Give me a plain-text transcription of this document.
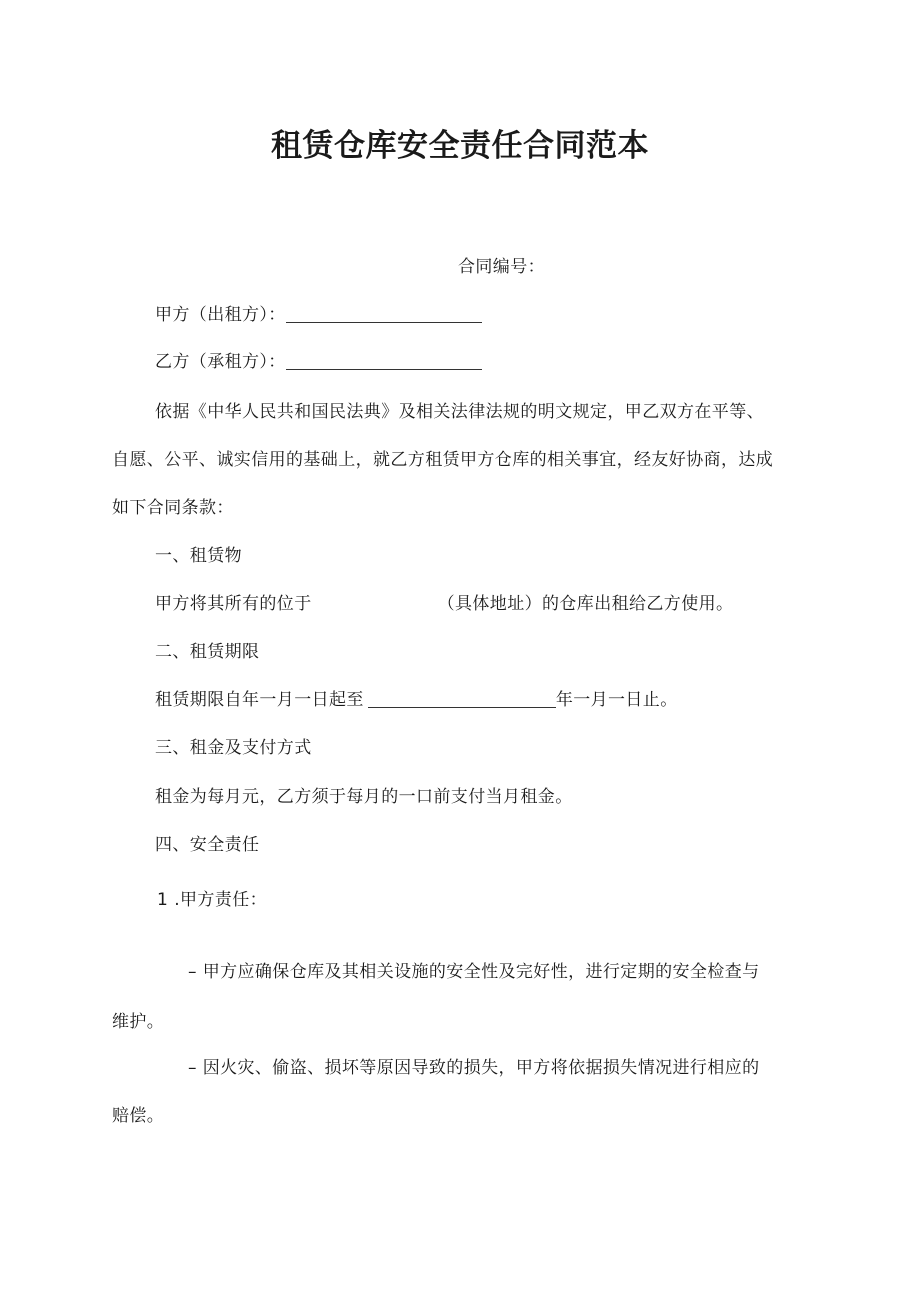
租赁仓库安全责任合同范本
合同编号：
甲方（出租方）：
乙方（承租方）：
依据《中华人民共和国民法典》及相关法律法规的明文规定，甲乙双方在平等、
自愿、公平、诚实信用的基础上，就乙方租赁甲方仓库的相关事宜，经友好协商，达成
如下合同条款：
一、租赁物
甲方将其所有的位于	（具体地址）的仓库出租给乙方使用。
二、租赁期限
租赁期限自年一月一日起至	年一月一日止。
三、租金及支付方式
租金为每月元，乙方须于每月的一口前支付当月租金。
四、安全责任
1 .甲方责任：
– 甲方应确保仓库及其相关设施的安全性及完好性，进行定期的安全检查与
维护。
– 因火灾、偷盗、损坏等原因导致的损失，甲方将依据损失情况进行相应的
赔偿。
